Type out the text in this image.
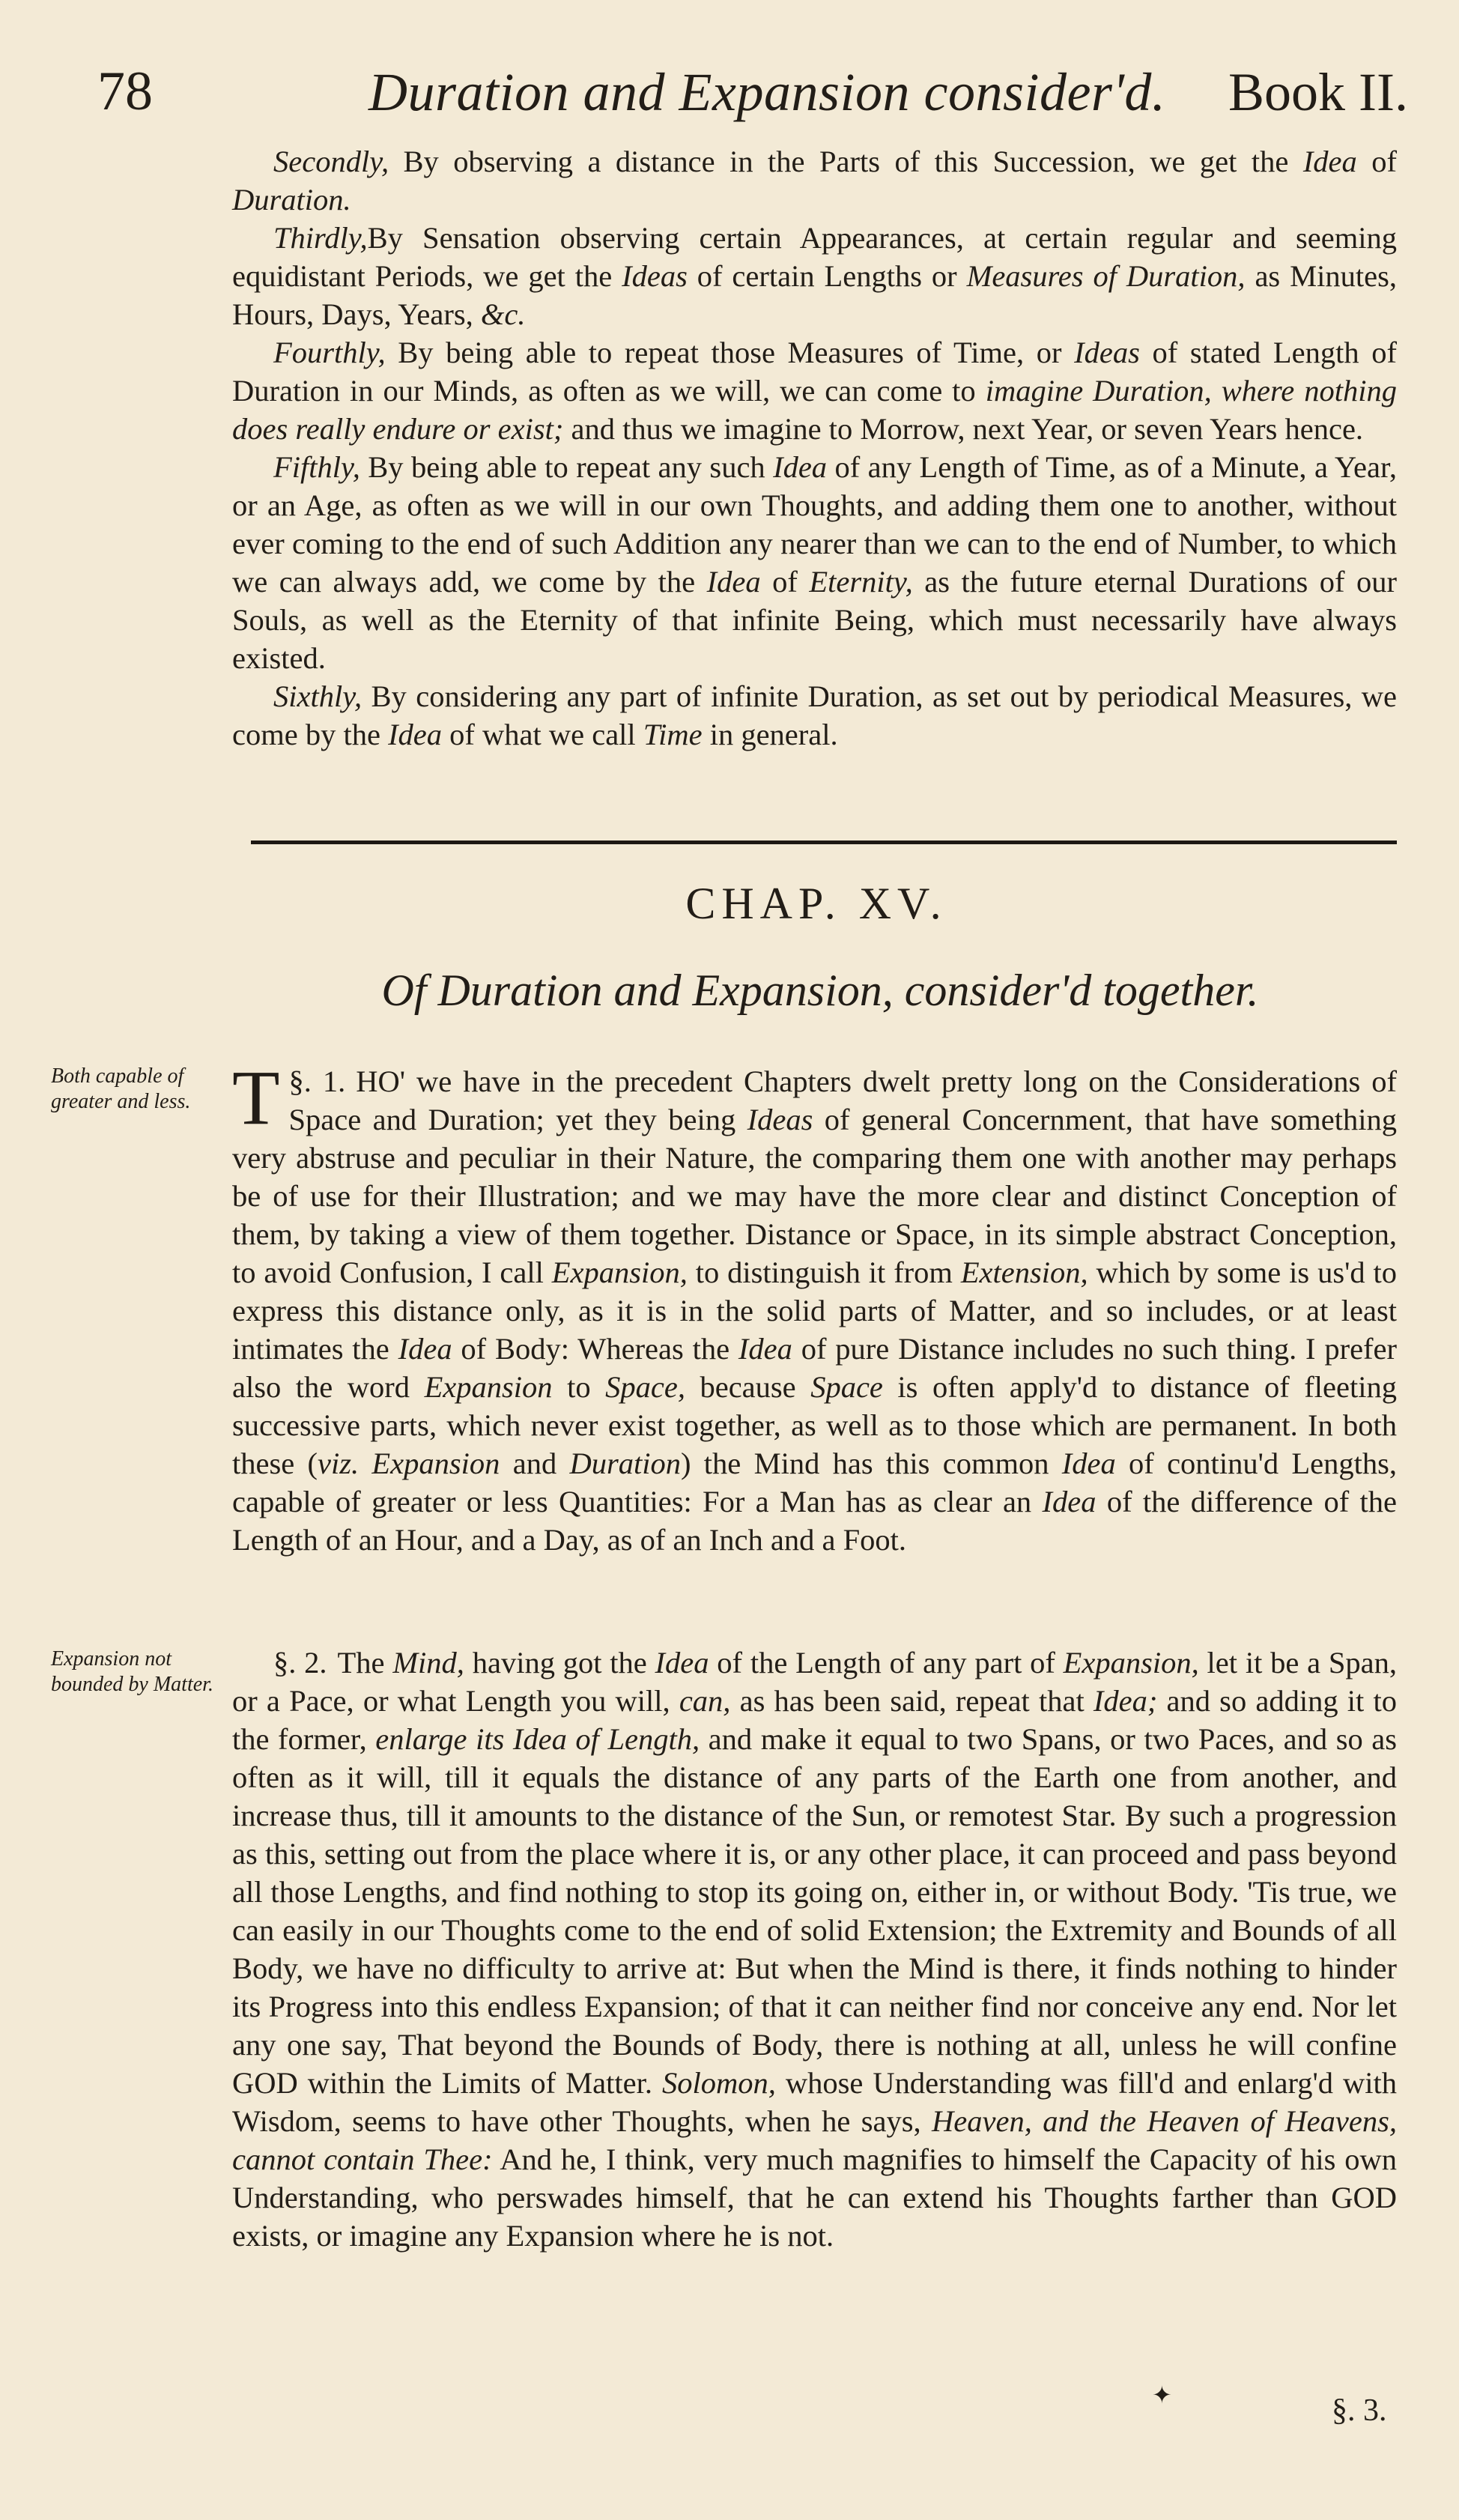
78	Duration and Expansion consider'd. Book II.

Secondly, By observing a distance in the Parts of this Succession, we get the Idea of Duration.

Thirdly,By Sensation observing certain Appearances, at certain regular and seeming equidistant Periods, we get the Ideas of certain Lengths or Measures of Duration, as Minutes, Hours, Days, Years, &c.

Fourthly, By being able to repeat those Measures of Time, or Ideas of stated Length of Duration in our Minds, as often as we will, we can come to imagine Duration, where nothing does really endure or exist; and thus we imagine to Morrow, next Year, or seven Years hence.

Fifthly, By being able to repeat any such Idea of any Length of Time, as of a Minute, a Year, or an Age, as often as we will in our own Thoughts, and adding them one to another, without ever coming to the end of such Addition any nearer than we can to the end of Number, to which we can always add, we come by the Idea of Eternity, as the future eternal Durations of our Souls, as well as the Eternity of that infinite Being, which must necessarily have always existed.

Sixthly, By considering any part of infinite Duration, as set out by periodical Measures, we come by the Idea of what we call Time in general.

CHAP. XV.
Of Duration and Expansion, consider'd together.
Both capable of greater and less.

§. 1.
T	HO' we have in the precedent Chapters dwelt pretty long on the Considerations of Space and Duration; yet they being Ideas of general Concernment, that have something very abstruse and peculiar in their Nature, the comparing them one with another may perhaps be of use for their Illustration; and we may have the more clear and distinct Conception of them, by taking a view of them together. Distance or Space, in its simple abstract Conception, to avoid Confusion, I call Expansion, to distinguish it from Extension, which by some is us'd to express this distance only, as it is in the solid parts of Matter, and so includes, or at least intimates the Idea of Body: Whereas the Idea of pure Distance includes no such thing. I prefer also the word Expansion to Space, because Space is often apply'd to distance of fleeting successive parts, which never exist together, as well as to those which are permanent. In both these (viz. Expansion and Duration) the Mind has this common Idea of continu'd Lengths, capable of greater or less Quantities: For a Man has as clear an Idea of the difference of the Length of an Hour, and a Day, as of an Inch and a Foot.

Expansion not bounded by Matter.

§. 2. The Mind, having got the Idea of the Length of any part of Expansion, let it be a Span, or a Pace, or what Length you will, can, as has been said, repeat that Idea; and so adding it to the former, enlarge its Idea of Length, and make it equal to two Spans, or two Paces, and so as often as it will, till it equals the distance of any parts of the Earth one from another, and increase thus, till it amounts to the distance of the Sun, or remotest Star. By such a progression as this, setting out from the place where it is, or any other place, it can proceed and pass beyond all those Lengths, and find nothing to stop its going on, either in, or without Body. 'Tis true, we can easily in our Thoughts come to the end of solid Extension; the Extremity and Bounds of all Body, we have no difficulty to arrive at: But when the Mind is there, it finds nothing to hinder its Progress into this endless Expansion; of that it can neither find nor conceive any end. Nor let any one say, That beyond the Bounds of Body, there is nothing at all, unless he will confine GOD within the Limits of Matter. Solomon, whose Understanding was fill'd and enlarg'd with Wisdom, seems to have other Thoughts, when he says, Heaven, and the Heaven of Heavens, cannot contain Thee: And he, I think, very much magnifies to himself the Capacity of his own Understanding, who perswades himself, that he can extend his Thoughts farther than GOD exists, or imagine any Expansion where he is not.

✦	§. 3.
